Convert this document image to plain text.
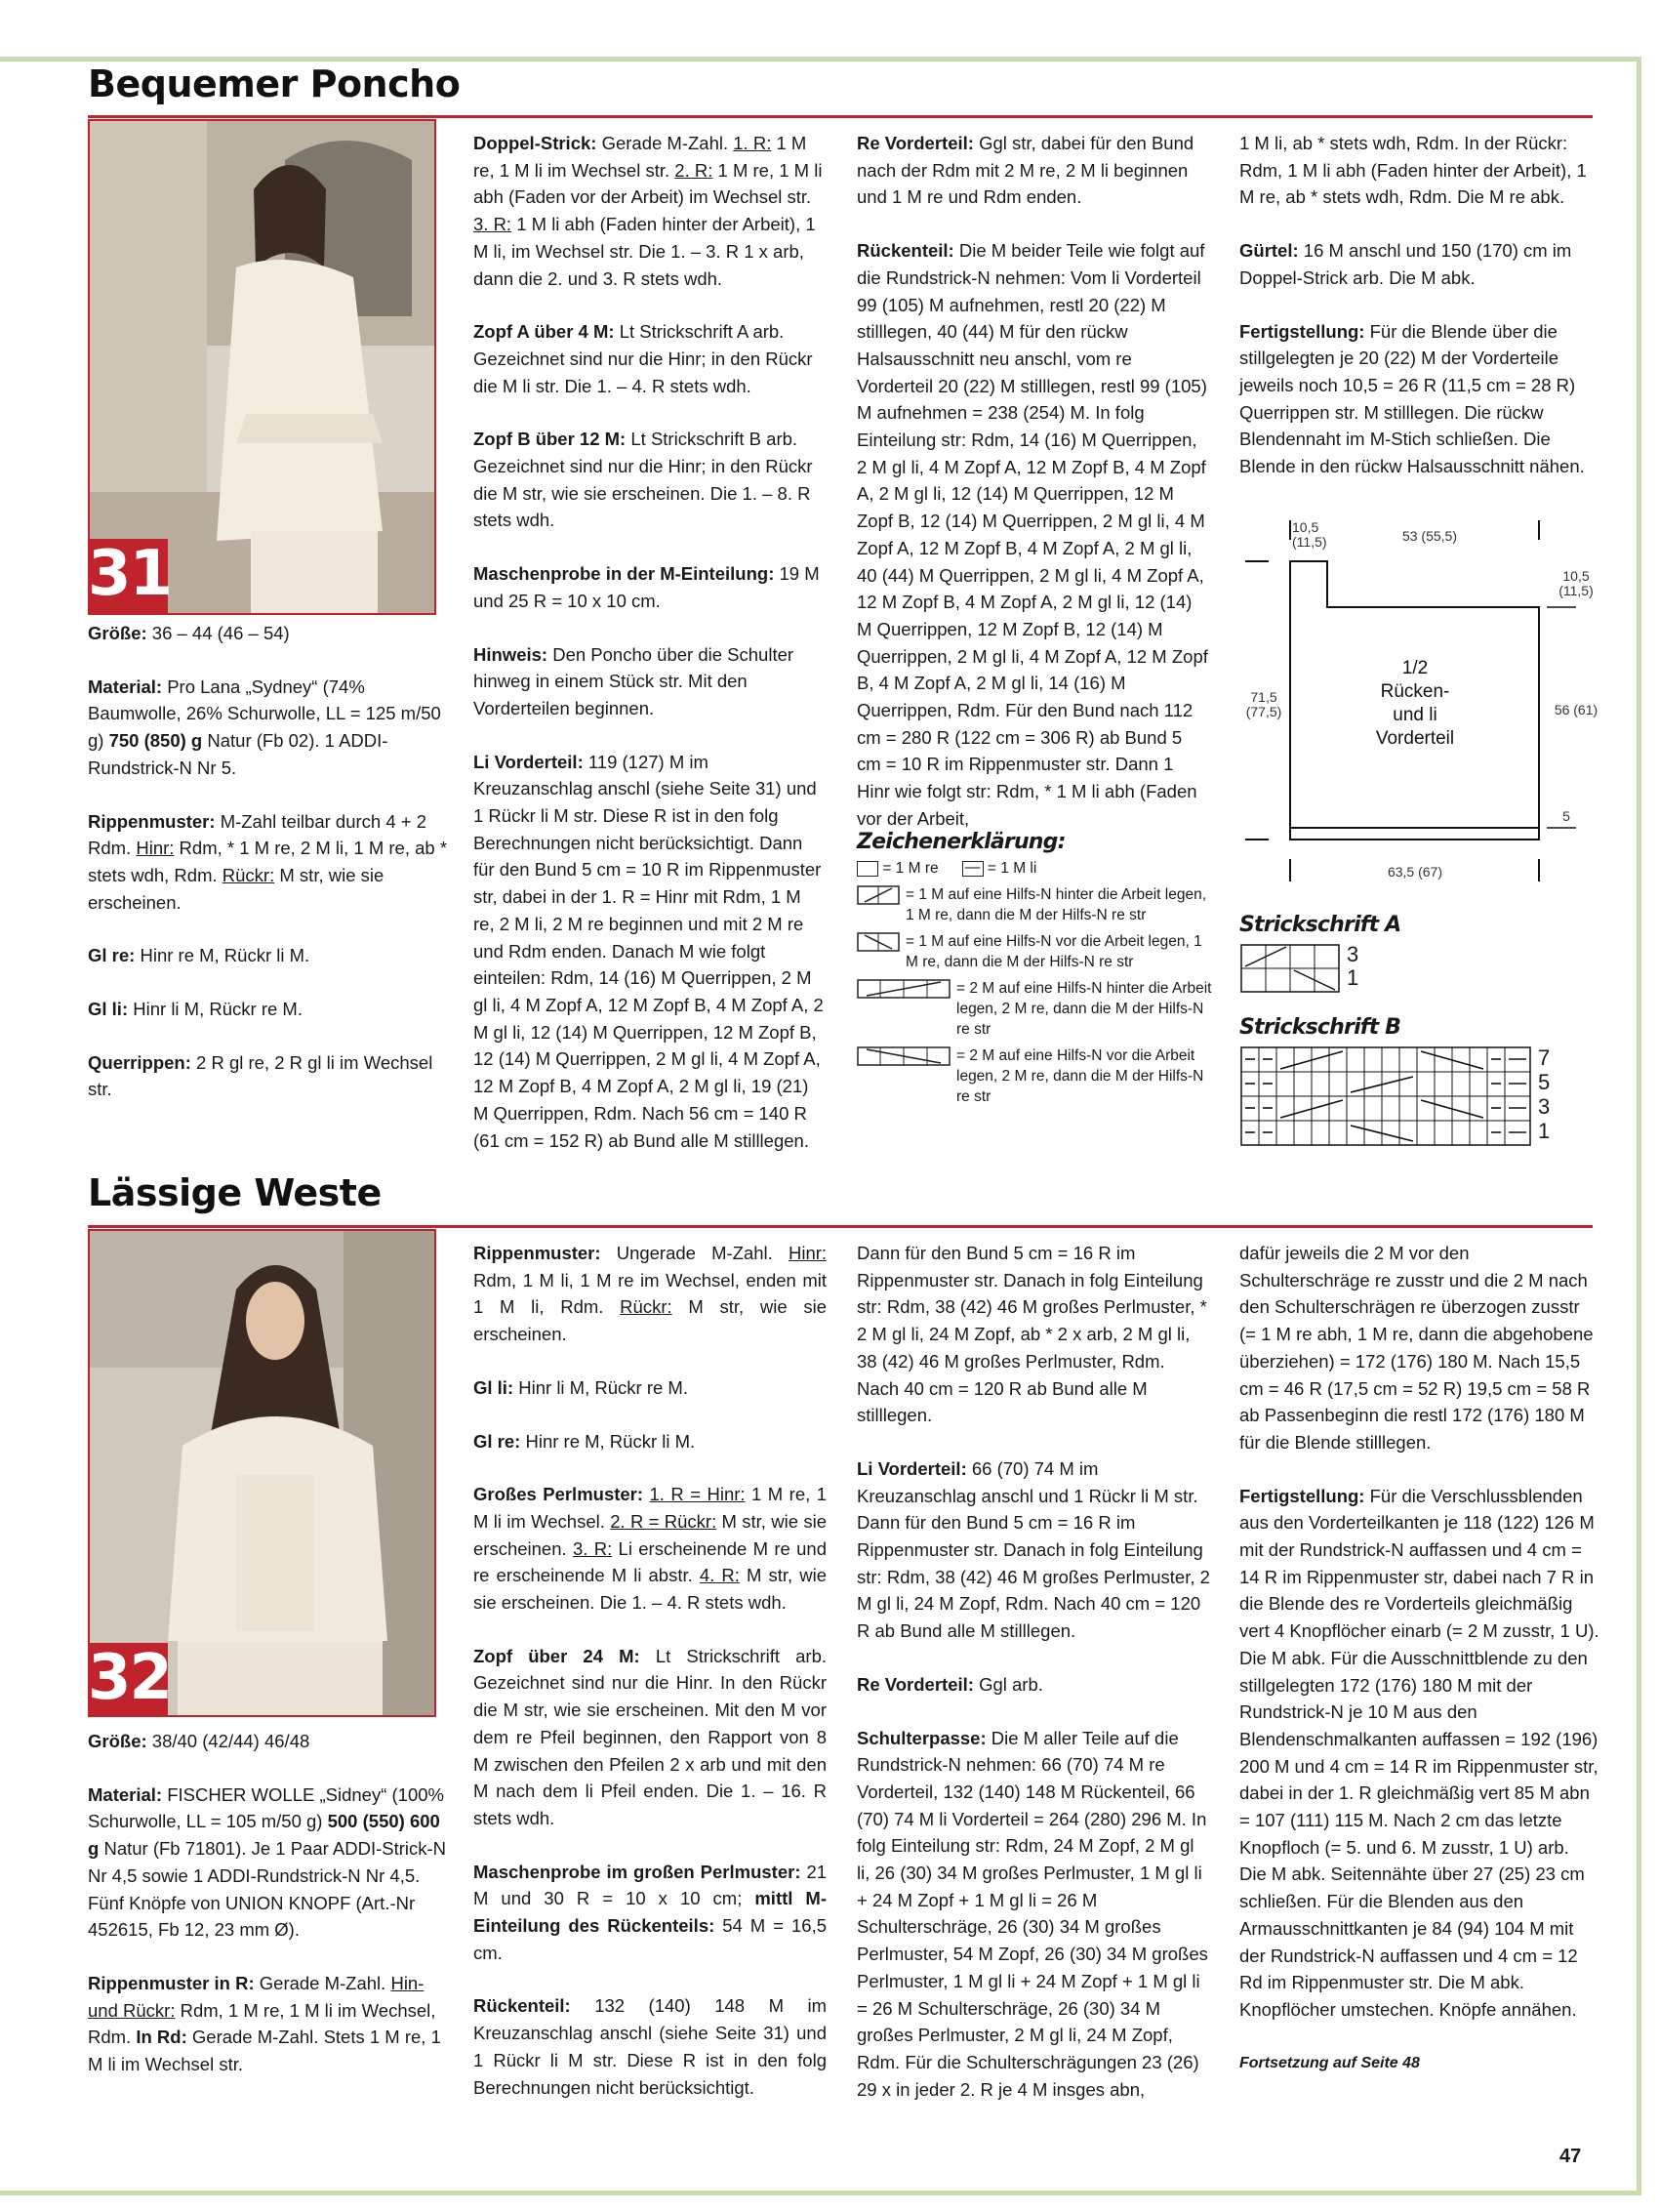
Bequemer Poncho
31

Größe: 36 – 44 (46 – 54)

Material: Pro Lana „Sydney“ (74% Baumwolle, 26% Schurwolle, LL = 125 m/50 g) 750 (850) g Natur (Fb 02). 1 ADDI-Rundstrick-N Nr 5.

Rippenmuster: M-Zahl teilbar durch 4 + 2 Rdm. Hinr: Rdm, * 1 M re, 2 M li, 1 M re, ab * stets wdh, Rdm. Rückr: M str, wie sie erscheinen.

Gl re: Hinr re M, Rückr li M.

Gl li: Hinr li M, Rückr re M.

Querrippen: 2 R gl re, 2 R gl li im Wechsel str.

Doppel-Strick: Gerade M-Zahl. 1. R: 1 M re, 1 M li im Wechsel str. 2. R: 1 M re, 1 M li abh (Faden vor der Arbeit) im Wechsel str. 3. R: 1 M li abh (Faden hinter der Arbeit), 1 M li, im Wechsel str. Die 1. – 3. R 1 x arb, dann die 2. und 3. R stets wdh.

Zopf A über 4 M: Lt Strickschrift A arb. Gezeichnet sind nur die Hinr; in den Rückr die M li str. Die 1. – 4. R stets wdh.

Zopf B über 12 M: Lt Strickschrift B arb. Gezeichnet sind nur die Hinr; in den Rückr die M str, wie sie erscheinen. Die 1. – 8. R stets wdh.

Maschenprobe in der M-Einteilung: 19 M und 25 R = 10 x 10 cm.

Hinweis: Den Poncho über die Schulter hinweg in einem Stück str. Mit den Vorderteilen beginnen.

Li Vorderteil: 119 (127) M im Kreuzanschlag anschl (siehe Seite 31) und 1 Rückr li M str. Diese R ist in den folg Berechnungen nicht berücksichtigt. Dann für den Bund 5 cm = 10 R im Rippenmuster str, dabei in der 1. R = Hinr mit Rdm, 1 M re, 2 M li, 2 M re beginnen und mit 2 M re und Rdm enden. Danach M wie folgt einteilen: Rdm, 14 (16) M Querrippen, 2 M gl li, 4 M Zopf A, 12 M Zopf B, 4 M Zopf A, 2 M gl li, 12 (14) M Querrippen, 12 M Zopf B, 12 (14) M Querrippen, 2 M gl li, 4 M Zopf A, 12 M Zopf B, 4 M Zopf A, 2 M gl li, 19 (21) M Querrippen, Rdm. Nach 56 cm = 140 R (61 cm = 152 R) ab Bund alle M stilllegen.

Re Vorderteil: Ggl str, dabei für den Bund nach der Rdm mit 2 M re, 2 M li beginnen und 1 M re und Rdm enden.

Rückenteil: Die M beider Teile wie folgt auf die Rundstrick-N nehmen: Vom li Vorderteil 99 (105) M aufnehmen, restl 20 (22) M stilllegen, 40 (44) M für den rückw Halsausschnitt neu anschl, vom re Vorderteil 20 (22) M stilllegen, restl 99 (105) M aufnehmen = 238 (254) M. In folg Einteilung str: Rdm, 14 (16) M Querrippen, 2 M gl li, 4 M Zopf A, 12 M Zopf B, 4 M Zopf A, 2 M gl li, 12 (14) M Querrippen, 12 M Zopf B, 12 (14) M Querrippen, 2 M gl li, 4 M Zopf A, 12 M Zopf B, 4 M Zopf A, 2 M gl li, 40 (44) M Querrippen, 2 M gl li, 4 M Zopf A, 12 M Zopf B, 4 M Zopf A, 2 M gl li, 12 (14) M Querrippen, 12 M Zopf B, 12 (14) M Querrippen, 2 M gl li, 4 M Zopf A, 12 M Zopf B, 4 M Zopf A, 2 M gl li, 14 (16) M Querrippen, Rdm. Für den Bund nach 112 cm = 280 R (122 cm = 306 R) ab Bund 5 cm = 10 R im Rippenmuster str. Dann 1 Hinr wie folgt str: Rdm, * 1 M li abh (Faden vor der Arbeit,

Zeichenerklärung:
= 1 M re — = 1 M li
= 1 M auf eine Hilfs-N hinter die Arbeit legen, 1 M re, dann die M der Hilfs-N re str
= 1 M auf eine Hilfs-N vor die Arbeit legen, 1 M re, dann die M der Hilfs-N re str
= 2 M auf eine Hilfs-N hinter die Arbeit legen, 2 M re, dann die M der Hilfs-N re str
= 2 M auf eine Hilfs-N vor die Arbeit legen, 2 M re, dann die M der Hilfs-N re str

1 M li, ab * stets wdh, Rdm. In der Rückr: Rdm, 1 M li abh (Faden hinter der Arbeit), 1 M re, ab * stets wdh, Rdm. Die M re abk.

Gürtel: 16 M anschl und 150 (170) cm im Doppel-Strick arb. Die M abk.

Fertigstellung: Für die Blende über die stillgelegten je 20 (22) M der Vorderteile jeweils noch 10,5 = 26 R (11,5 cm = 28 R) Querrippen str. M stilllegen. Die rückw Blendennaht im M-Stich schließen. Die Blende in den rückw Halsausschnitt nähen.

10,5 (11,5)	53 (55,5)
10,5 (11,5)
71,5 (77,5)	56 (61)
5
63,5 (67)
1/2
Rücken-
und li
Vorderteil
Strickschrift A
3
1
Strickschrift B
7
5
3
1
Lässige Weste
32

Größe: 38/40 (42/44) 46/48

Material: FISCHER WOLLE „Sidney“ (100% Schurwolle, LL = 105 m/50 g) 500 (550) 600 g Natur (Fb 71801). Je 1 Paar ADDI-Strick-N Nr 4,5 sowie 1 ADDI-Rundstrick-N Nr 4,5. Fünf Knöpfe von UNION KNOPF (Art.-Nr 452615, Fb 12, 23 mm Ø).

Rippenmuster in R: Gerade M-Zahl. Hin- und Rückr: Rdm, 1 M re, 1 M li im Wechsel, Rdm. In Rd: Gerade M-Zahl. Stets 1 M re, 1 M li im Wechsel str.

Rippenmuster: Ungerade M-Zahl. Hinr: Rdm, 1 M li, 1 M re im Wechsel, enden mit 1 M li, Rdm. Rückr: M str, wie sie erscheinen.

Gl li: Hinr li M, Rückr re M.

Gl re: Hinr re M, Rückr li M.

Großes Perlmuster: 1. R = Hinr: 1 M re, 1 M li im Wechsel. 2. R = Rückr: M str, wie sie erscheinen. 3. R: Li erscheinende M re und re erscheinende M li abstr. 4. R: M str, wie sie erscheinen. Die 1. – 4. R stets wdh.

Zopf über 24 M: Lt Strickschrift arb. Gezeichnet sind nur die Hinr. In den Rückr die M str, wie sie erscheinen. Mit den M vor dem re Pfeil beginnen, den Rapport von 8 M zwischen den Pfeilen 2 x arb und mit den M nach dem li Pfeil enden. Die 1. – 16. R stets wdh.

Maschenprobe im großen Perlmuster: 21 M und 30 R = 10 x 10 cm; mittl M-Einteilung des Rückenteils: 54 M = 16,5 cm.

Rückenteil: 132 (140) 148 M im Kreuzanschlag anschl (siehe Seite 31) und 1 Rückr li M str. Diese R ist in den folg Berechnungen nicht berücksichtigt.

Dann für den Bund 5 cm = 16 R im Rippenmuster str. Danach in folg Einteilung str: Rdm, 38 (42) 46 M großes Perlmuster, * 2 M gl li, 24 M Zopf, ab * 2 x arb, 2 M gl li, 38 (42) 46 M großes Perlmuster, Rdm. Nach 40 cm = 120 R ab Bund alle M stilllegen.

Li Vorderteil: 66 (70) 74 M im Kreuzanschlag anschl und 1 Rückr li M str. Dann für den Bund 5 cm = 16 R im Rippenmuster str. Danach in folg Einteilung str: Rdm, 38 (42) 46 M großes Perlmuster, 2 M gl li, 24 M Zopf, Rdm. Nach 40 cm = 120 R ab Bund alle M stilllegen.

Re Vorderteil: Ggl arb.

Schulterpasse: Die M aller Teile auf die Rundstrick-N nehmen: 66 (70) 74 M re Vorderteil, 132 (140) 148 M Rückenteil, 66 (70) 74 M li Vorderteil = 264 (280) 296 M. In folg Einteilung str: Rdm, 24 M Zopf, 2 M gl li, 26 (30) 34 M großes Perlmuster, 1 M gl li + 24 M Zopf + 1 M gl li = 26 M Schulterschräge, 26 (30) 34 M großes Perlmuster, 54 M Zopf, 26 (30) 34 M großes Perlmuster, 1 M gl li + 24 M Zopf + 1 M gl li = 26 M Schulterschräge, 26 (30) 34 M großes Perlmuster, 2 M gl li, 24 M Zopf, Rdm. Für die Schulterschrägungen 23 (26) 29 x in jeder 2. R je 4 M insges abn,

dafür jeweils die 2 M vor den Schulterschräge re zusstr und die 2 M nach den Schulterschrägen re überzogen zusstr (= 1 M re abh, 1 M re, dann die abgehobene überziehen) = 172 (176) 180 M. Nach 15,5 cm = 46 R (17,5 cm = 52 R) 19,5 cm = 58 R ab Passenbeginn die restl 172 (176) 180 M für die Blende stilllegen.

Fertigstellung: Für die Verschlussblenden aus den Vorderteilkanten je 118 (122) 126 M mit der Rundstrick-N auffassen und 4 cm = 14 R im Rippenmuster str, dabei nach 7 R in die Blende des re Vorderteils gleichmäßig vert 4 Knopflöcher einarb (= 2 M zusstr, 1 U). Die M abk. Für die Ausschnittblende zu den stillgelegten 172 (176) 180 M mit der Rundstrick-N je 10 M aus den Blendenschmalkanten auffassen = 192 (196) 200 M und 4 cm = 14 R im Rippenmuster str, dabei in der 1. R gleichmäßig vert 85 M abn = 107 (111) 115 M. Nach 2 cm das letzte Knopfloch (= 5. und 6. M zusstr, 1 U) arb. Die M abk. Seitennähte über 27 (25) 23 cm schließen. Für die Blenden aus den Armausschnittkanten je 84 (94) 104 M mit der Rundstrick-N auffassen und 4 cm = 12 Rd im Rippenmuster str. Die M abk. Knopflöcher umstechen. Knöpfe annähen.

Fortsetzung auf Seite 48

47
